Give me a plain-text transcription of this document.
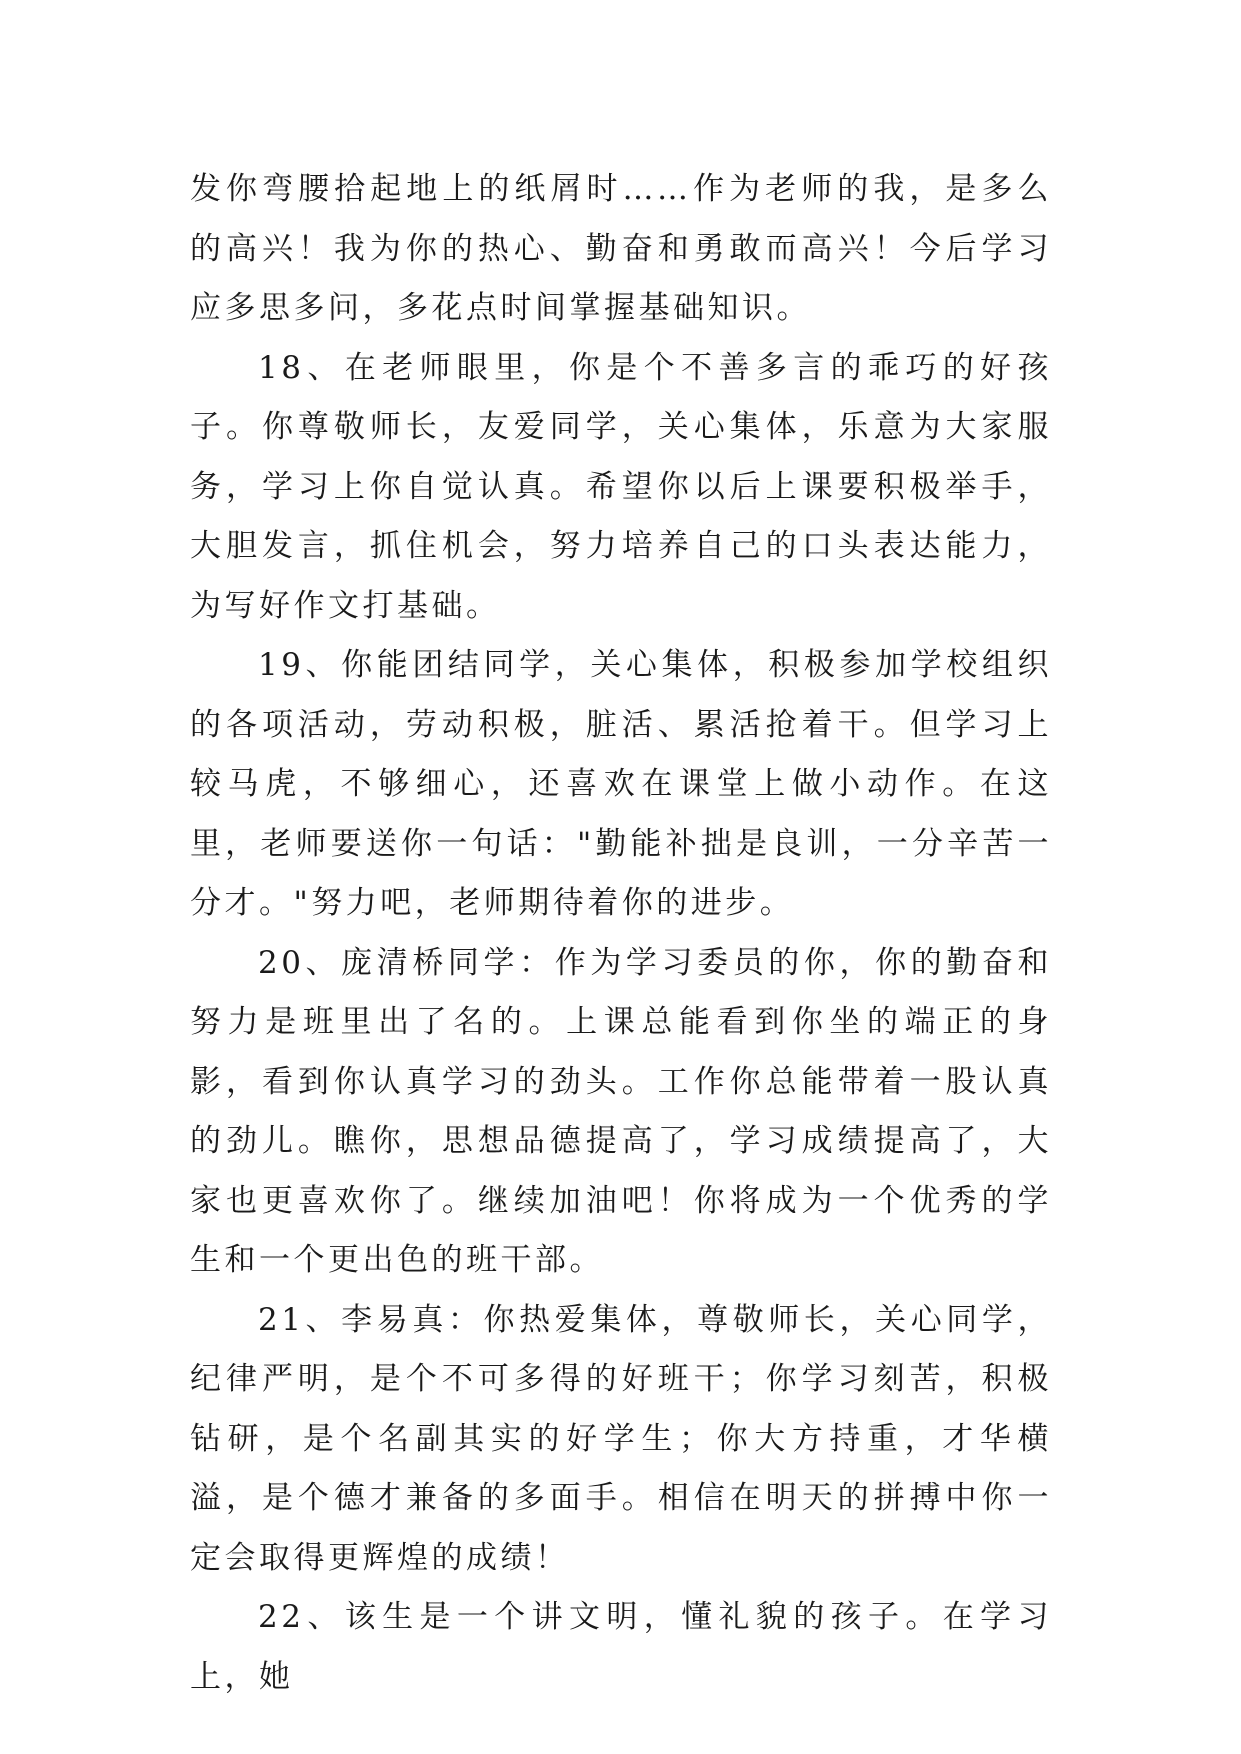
发你弯腰拾起地上的纸屑时……作为老师的我，是多么的高兴！我为你的热心、勤奋和勇敢而高兴！今后学习应多思多问，多花点时间掌握基础知识。

18、在老师眼里，你是个不善多言的乖巧的好孩子。你尊敬师长，友爱同学，关心集体，乐意为大家服务，学习上你自觉认真。希望你以后上课要积极举手，大胆发言，抓住机会，努力培养自己的口头表达能力，为写好作文打基础。

19、你能团结同学，关心集体，积极参加学校组织的各项活动，劳动积极，脏活、累活抢着干。但学习上较马虎，不够细心，还喜欢在课堂上做小动作。在这里，老师要送你一句话："勤能补拙是良训，一分辛苦一分才。"努力吧，老师期待着你的进步。

20、庞清桥同学：作为学习委员的你，你的勤奋和努力是班里出了名的。上课总能看到你坐的端正的身影，看到你认真学习的劲头。工作你总能带着一股认真的劲儿。瞧你，思想品德提高了，学习成绩提高了，大家也更喜欢你了。继续加油吧！你将成为一个优秀的学生和一个更出色的班干部。

21、李易真：你热爱集体，尊敬师长，关心同学，纪律严明，是个不可多得的好班干；你学习刻苦，积极钻研，是个名副其实的好学生；你大方持重，才华横溢，是个德才兼备的多面手。相信在明天的拼搏中你一定会取得更辉煌的成绩！

22、该生是一个讲文明，懂礼貌的孩子。在学习上，她
